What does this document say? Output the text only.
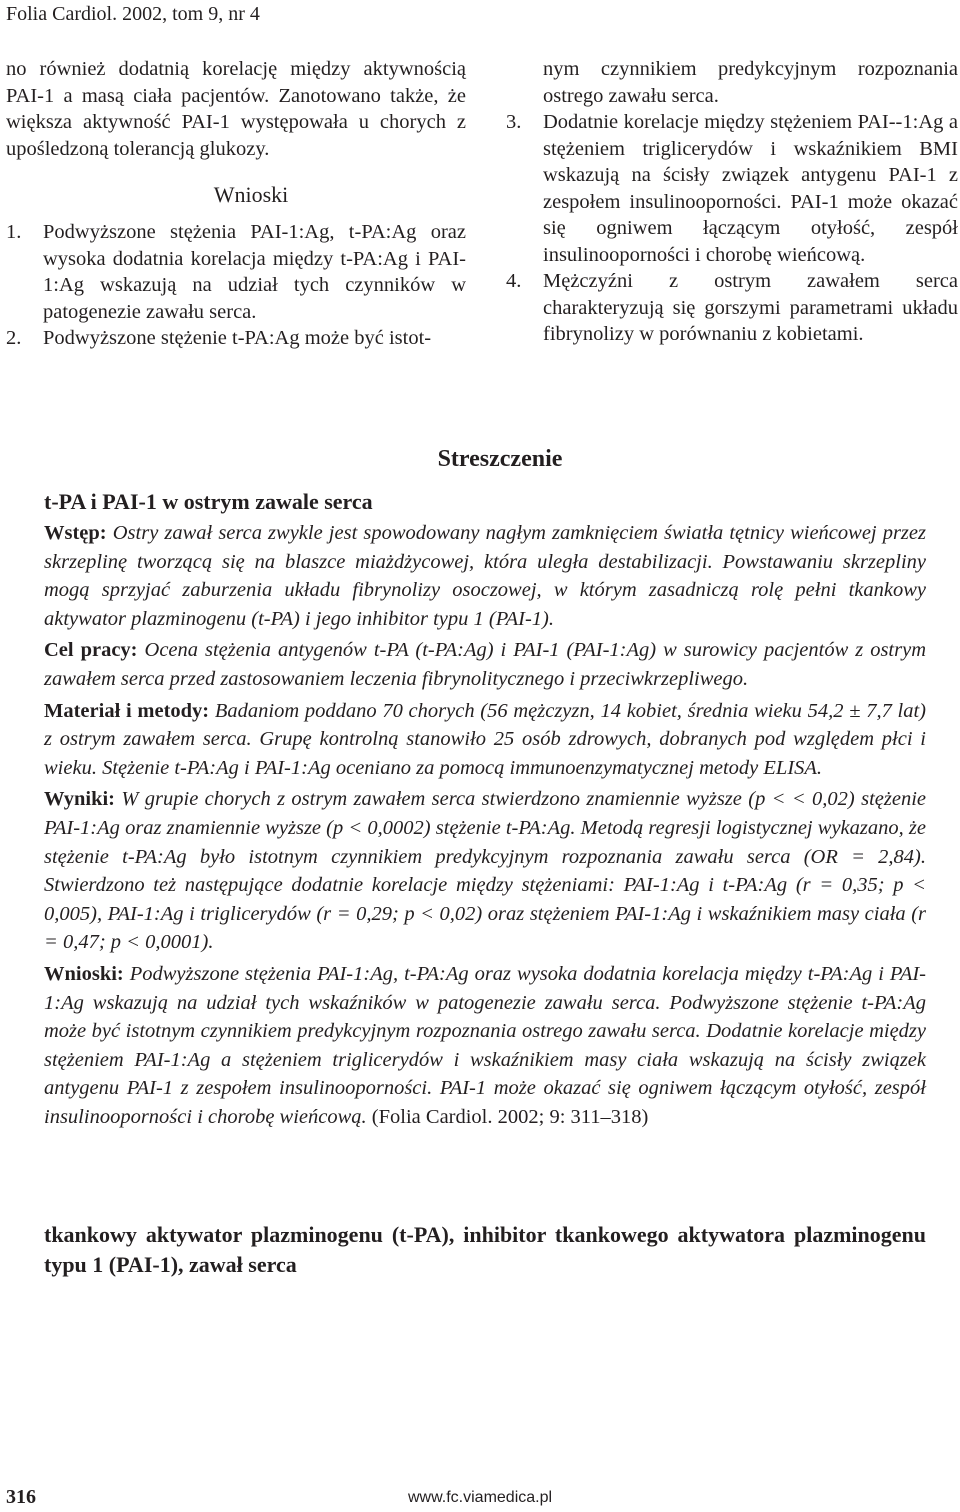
Folia Cardiol. 2002, tom 9, nr 4

no również dodatnią korelację między aktywnością PAI-1 a masą ciała pacjentów. Zanotowano także, że większa aktywność PAI-1 występowała u chorych z upośledzoną tolerancją glukozy.

Wnioski

1. Podwyższone stężenia PAI-1:Ag, t-PA:Ag oraz wysoka dodatnia korelacja między t-PA:Ag i PAI-1:Ag wskazują na udział tych czynników w patogenezie zawału serca.

2. Podwyższone stężenie t-PA:Ag może być istot-

nym czynnikiem predykcyjnym rozpoznania ostrego zawału serca.

3. Dodatnie korelacje między stężeniem PAI--1:Ag a stężeniem triglicerydów i wskaźnikiem BMI wskazują na ścisły związek antygenu PAI-1 z zespołem insulinooporności. PAI-1 może okazać się ogniwem łączącym otyłość, zespół insulinooporności i chorobę wieńcową.

4. Mężczyźni z ostrym zawałem serca charakteryzują się gorszymi parametrami układu fibrynolizy w porównaniu z kobietami.

Streszczenie
t-PA i PAI-1 w ostrym zawale serca

Wstęp: Ostry zawał serca zwykle jest spowodowany nagłym zamknięciem światła tętnicy wieńcowej przez skrzeplinę tworzącą się na blaszce miażdżycowej, która uległa destabilizacji. Powstawaniu skrzepliny mogą sprzyjać zaburzenia układu fibrynolizy osoczowej, w którym zasadniczą rolę pełni tkankowy aktywator plazminogenu (t-PA) i jego inhibitor typu 1 (PAI-1).

Cel pracy: Ocena stężenia antygenów t-PA (t-PA:Ag) i PAI-1 (PAI-1:Ag) w surowicy pacjentów z ostrym zawałem serca przed zastosowaniem leczenia fibrynolitycznego i przeciwkrzepliwego.

Materiał i metody: Badaniom poddano 70 chorych (56 mężczyzn, 14 kobiet, średnia wieku 54,2 ± 7,7 lat) z ostrym zawałem serca. Grupę kontrolną stanowiło 25 osób zdrowych, dobranych pod względem płci i wieku. Stężenie t-PA:Ag i PAI-1:Ag oceniano za pomocą immunoenzymatycznej metody ELISA.

Wyniki: W grupie chorych z ostrym zawałem serca stwierdzono znamiennie wyższe (p < < 0,02) stężenie PAI-1:Ag oraz znamiennie wyższe (p < 0,0002) stężenie t-PA:Ag. Metodą regresji logistycznej wykazano, że stężenie t-PA:Ag było istotnym czynnikiem predykcyjnym rozpoznania zawału serca (OR = 2,84). Stwierdzono też następujące dodatnie korelacje między stężeniami: PAI-1:Ag i t-PA:Ag (r = 0,35; p < 0,005), PAI-1:Ag i triglicerydów (r = 0,29; p < 0,02) oraz stężeniem PAI-1:Ag i wskaźnikiem masy ciała (r = 0,47; p < 0,0001).

Wnioski: Podwyższone stężenia PAI-1:Ag, t-PA:Ag oraz wysoka dodatnia korelacja między t-PA:Ag i PAI-1:Ag wskazują na udział tych wskaźników w patogenezie zawału serca. Podwyższone stężenie t-PA:Ag może być istotnym czynnikiem predykcyjnym rozpoznania ostrego zawału serca. Dodatnie korelacje między stężeniem PAI-1:Ag a stężeniem triglicerydów i wskaźnikiem masy ciała wskazują na ścisły związek antygenu PAI-1 z zespołem insulinooporności. PAI-1 może okazać się ogniwem łączącym otyłość, zespół insulinooporności i chorobę wieńcową. (Folia Cardiol. 2002; 9: 311–318)

tkankowy aktywator plazminogenu (t-PA), inhibitor tkankowego aktywatora plazminogenu typu 1 (PAI-1), zawał serca
316	www.fc.viamedica.pl
